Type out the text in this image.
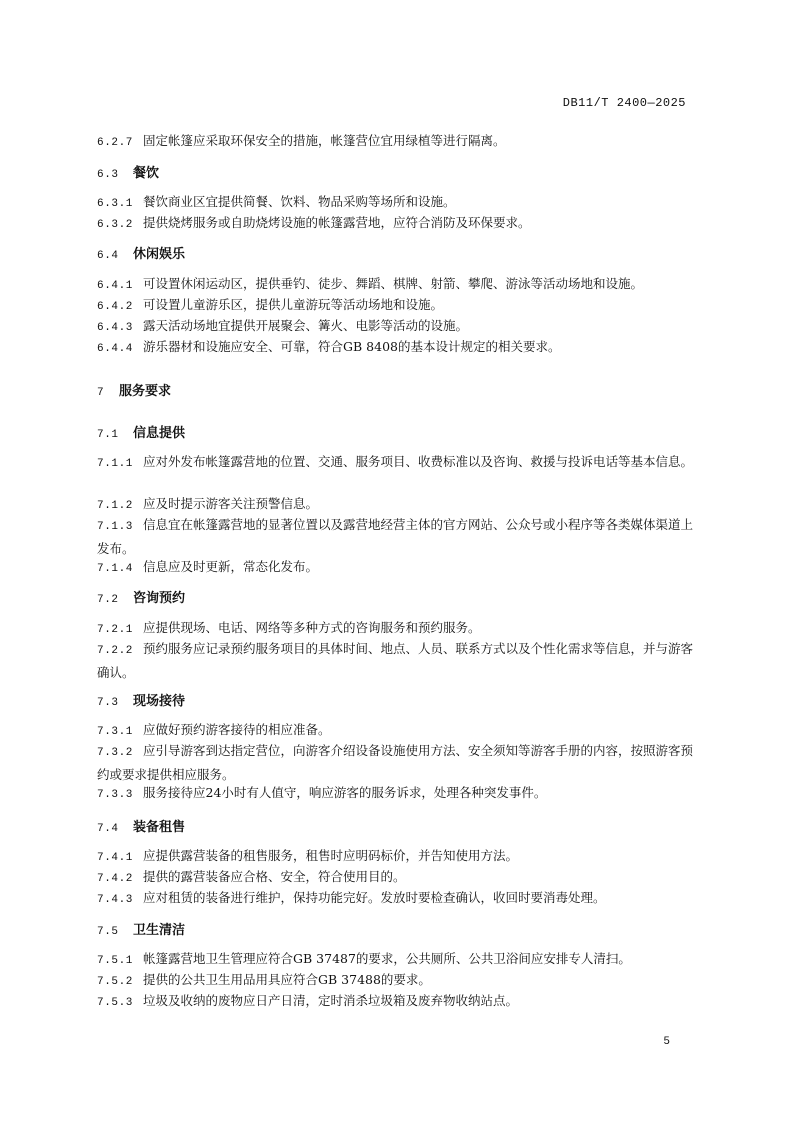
DB11/T 2400—2025
6.2.7 固定帐篷应采取环保安全的措施，帐篷营位宜用绿植等进行隔离。
6.3 餐饮
6.3.1 餐饮商业区宜提供简餐、饮料、物品采购等场所和设施。
6.3.2 提供烧烤服务或自助烧烤设施的帐篷露营地，应符合消防及环保要求。
6.4 休闲娱乐
6.4.1 可设置休闲运动区，提供垂钓、徒步、舞蹈、棋牌、射箭、攀爬、游泳等活动场地和设施。
6.4.2 可设置儿童游乐区，提供儿童游玩等活动场地和设施。
6.4.3 露天活动场地宜提供开展聚会、篝火、电影等活动的设施。
6.4.4 游乐器材和设施应安全、可靠，符合GB 8408的基本设计规定的相关要求。
7 服务要求
7.1 信息提供
7.1.1 应对外发布帐篷露营地的位置、交通、服务项目、收费标准以及咨询、救援与投诉电话等基本信息。
7.1.2 应及时提示游客关注预警信息。
7.1.3 信息宜在帐篷露营地的显著位置以及露营地经营主体的官方网站、公众号或小程序等各类媒体渠道上发布。
7.1.4 信息应及时更新，常态化发布。
7.2 咨询预约
7.2.1 应提供现场、电话、网络等多种方式的咨询服务和预约服务。
7.2.2 预约服务应记录预约服务项目的具体时间、地点、人员、联系方式以及个性化需求等信息，并与游客确认。
7.3 现场接待
7.3.1 应做好预约游客接待的相应准备。
7.3.2 应引导游客到达指定营位，向游客介绍设备设施使用方法、安全须知等游客手册的内容，按照游客预约或要求提供相应服务。
7.3.3 服务接待应24小时有人值守，响应游客的服务诉求，处理各种突发事件。
7.4 装备租售
7.4.1 应提供露营装备的租售服务，租售时应明码标价，并告知使用方法。
7.4.2 提供的露营装备应合格、安全，符合使用目的。
7.4.3 应对租赁的装备进行维护，保持功能完好。发放时要检查确认，收回时要消毒处理。
7.5 卫生清洁
7.5.1 帐篷露营地卫生管理应符合GB 37487的要求，公共厕所、公共卫浴间应安排专人清扫。
7.5.2 提供的公共卫生用品用具应符合GB 37488的要求。
7.5.3 垃圾及收纳的废物应日产日清，定时消杀垃圾箱及废弃物收纳站点。
5
